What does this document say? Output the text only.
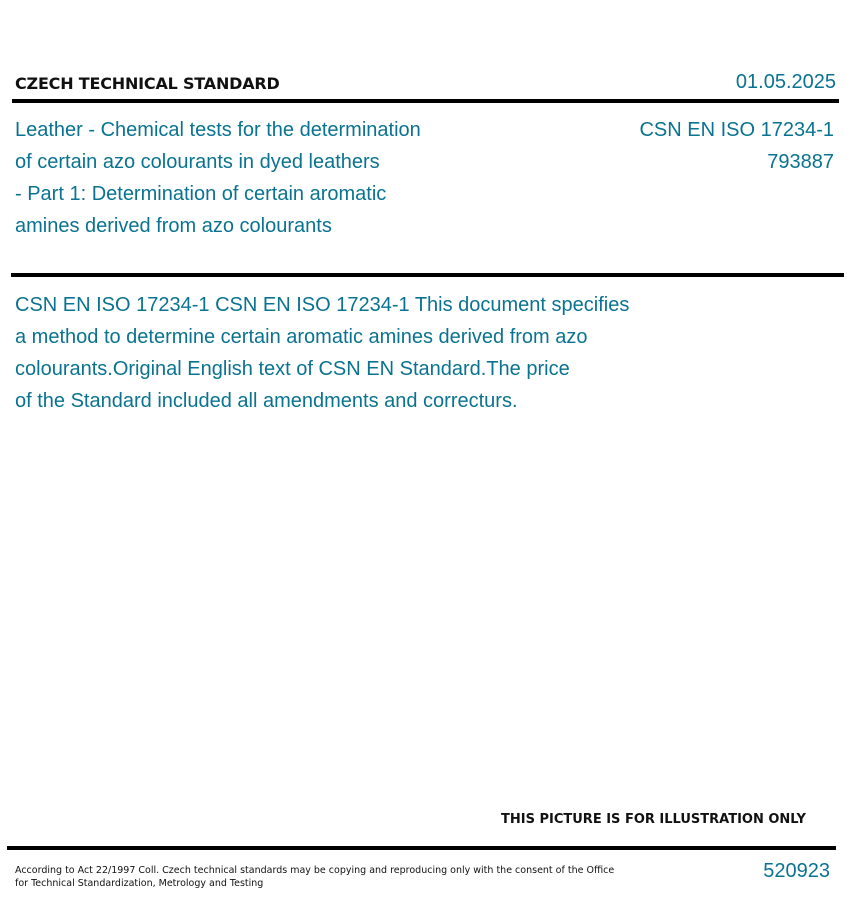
CZECH TECHNICAL STANDARD	01.05.2025
Leather - Chemical tests for the determination
of certain azo colourants in dyed leathers
- Part 1: Determination of certain aromatic
amines derived from azo colourants
CSN EN ISO 17234-1
793887
CSN EN ISO 17234-1 CSN EN ISO 17234-1 This document specifies
a method to determine certain aromatic amines derived from azo
colourants.Original English text of CSN EN Standard.The price
of the Standard included all amendments and correcturs.
THIS PICTURE IS FOR ILLUSTRATION ONLY
According to Act 22/1997 Coll. Czech technical standards may be copying and reproducing only with the consent of the Office
for Technical Standardization, Metrology and Testing
520923
